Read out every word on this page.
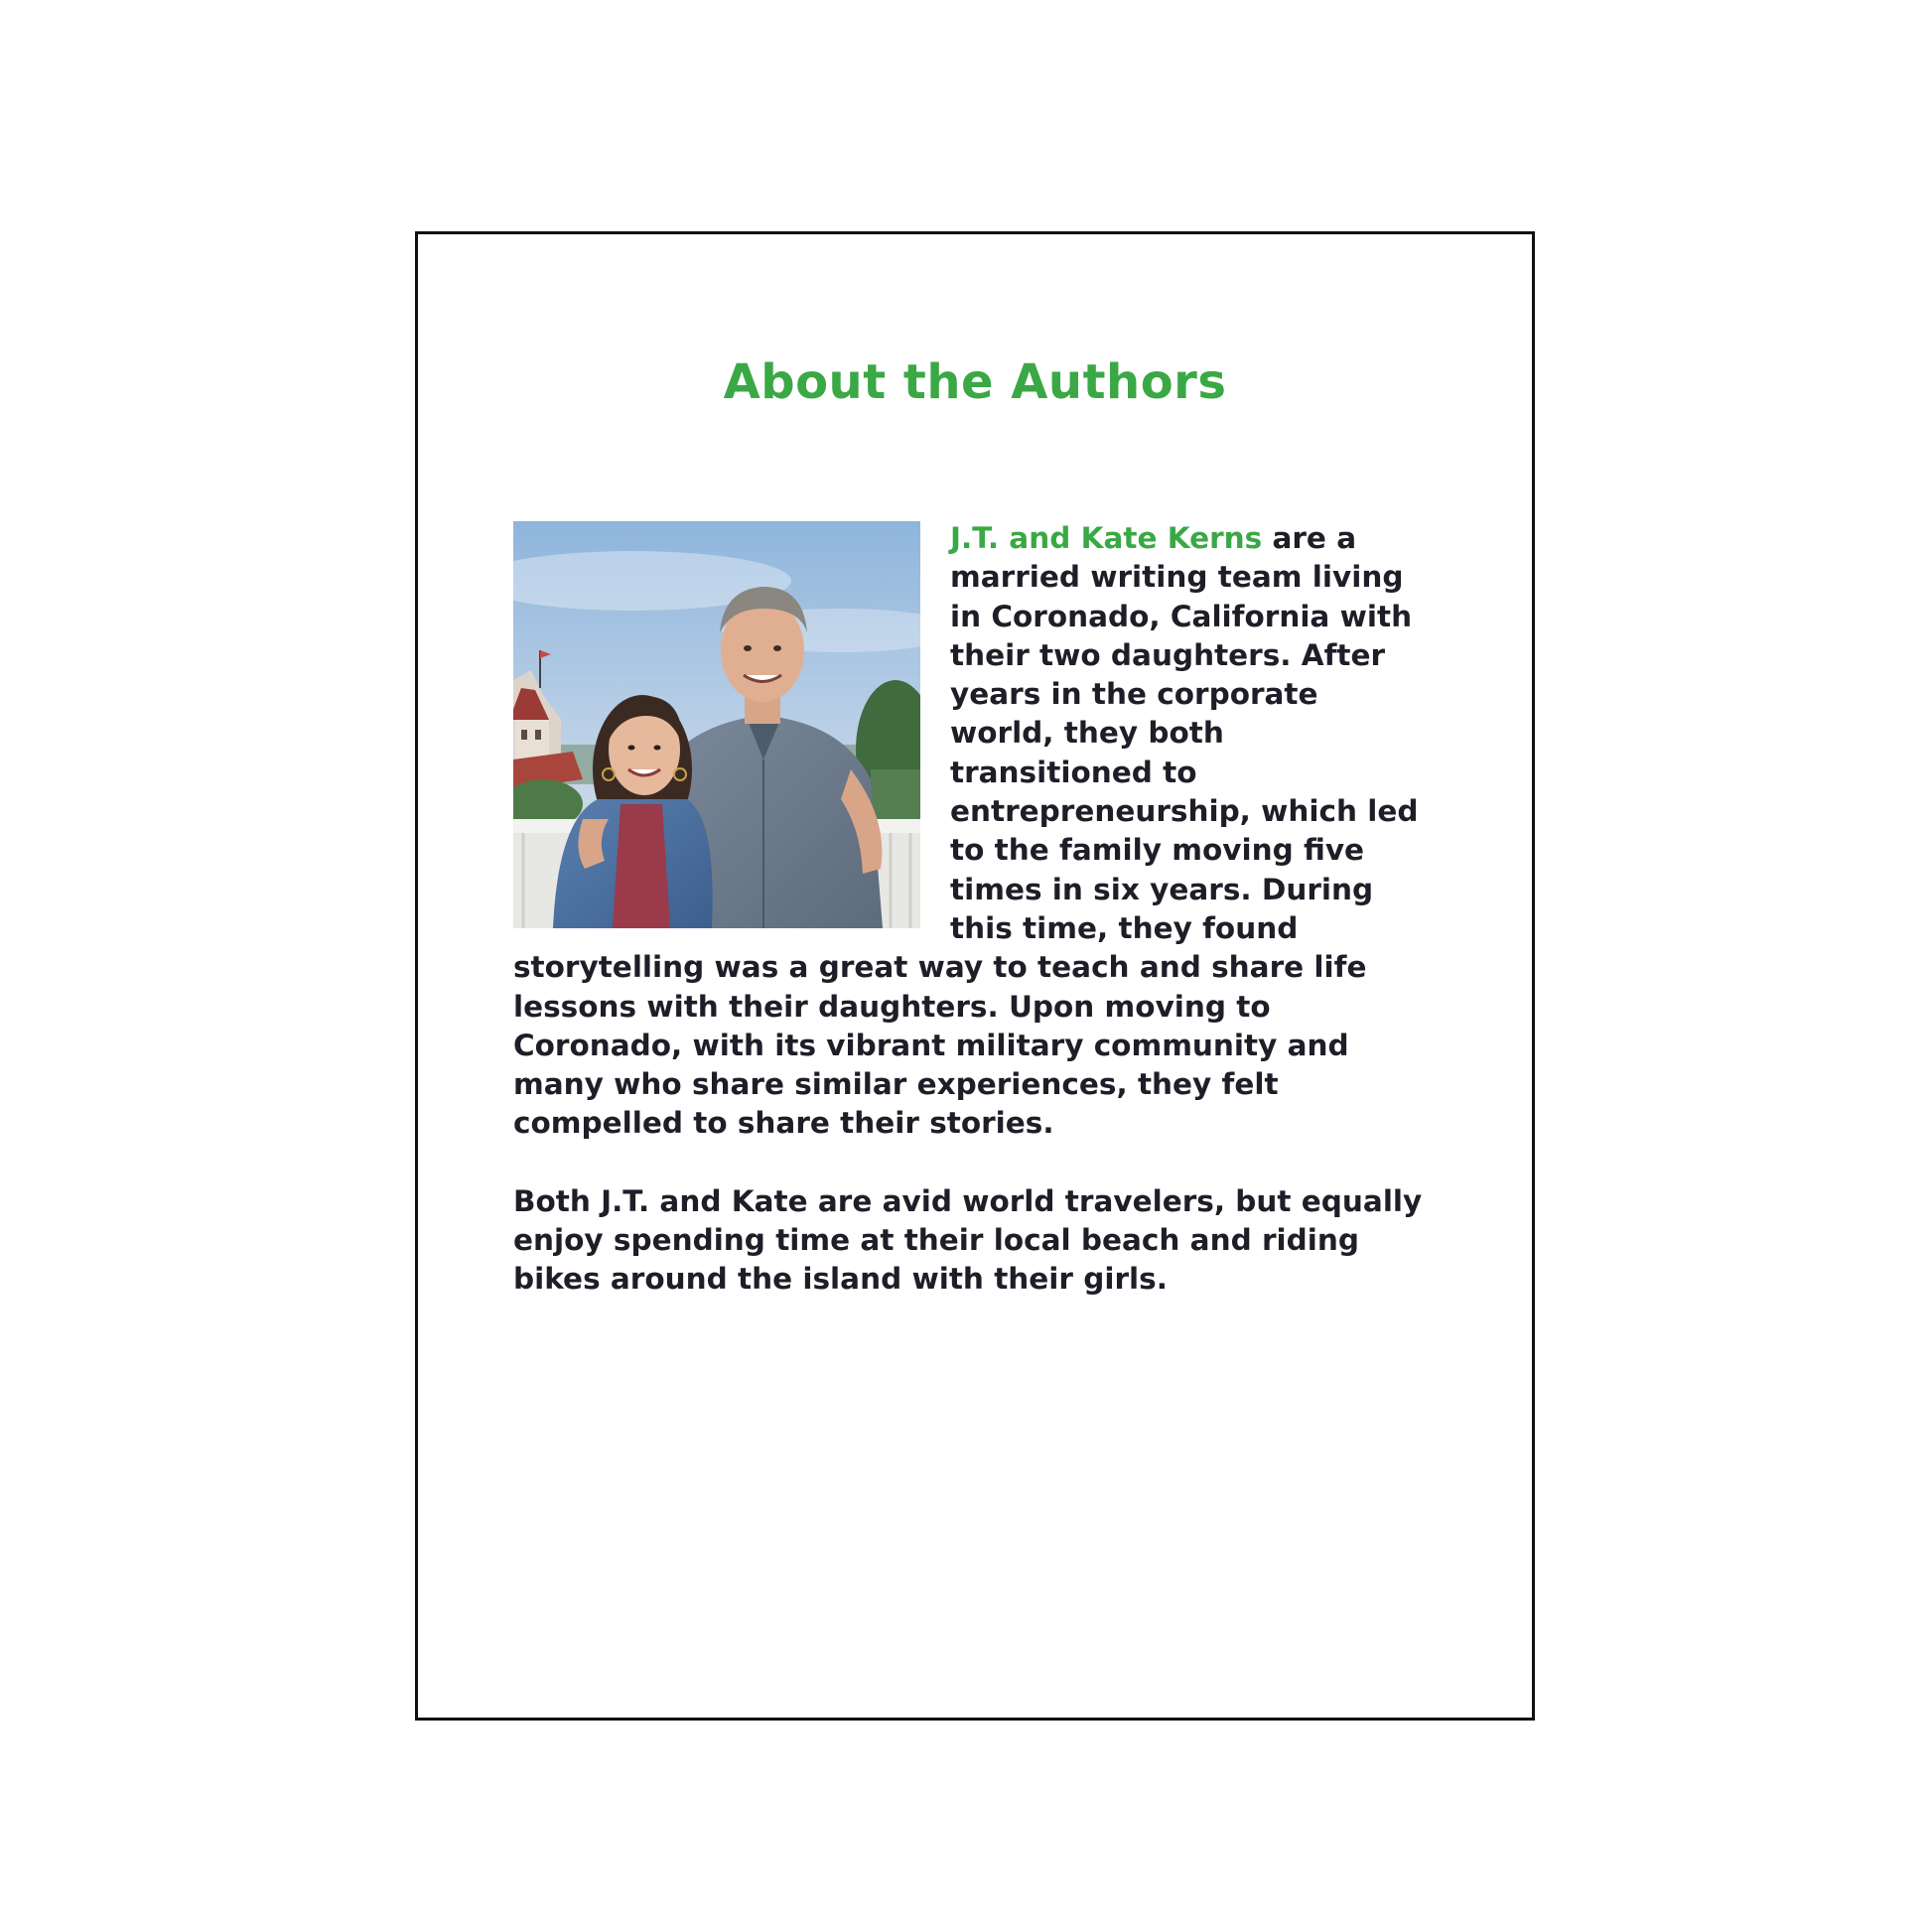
About the Authors

J.T. and Kate Kerns are a married writing team living in Coronado, California with their two daughters. After years in the corporate world, they both transitioned to entrepreneurship, which led to the family moving five times in six years. During this time, they found storytelling was a great way to teach and share life lessons with their daughters. Upon moving to Coronado, with its vibrant military community and many who share similar experiences, they felt compelled to share their stories.

Both J.T. and Kate are avid world travelers, but equally enjoy spending time at their local beach and riding bikes around the island with their girls.
